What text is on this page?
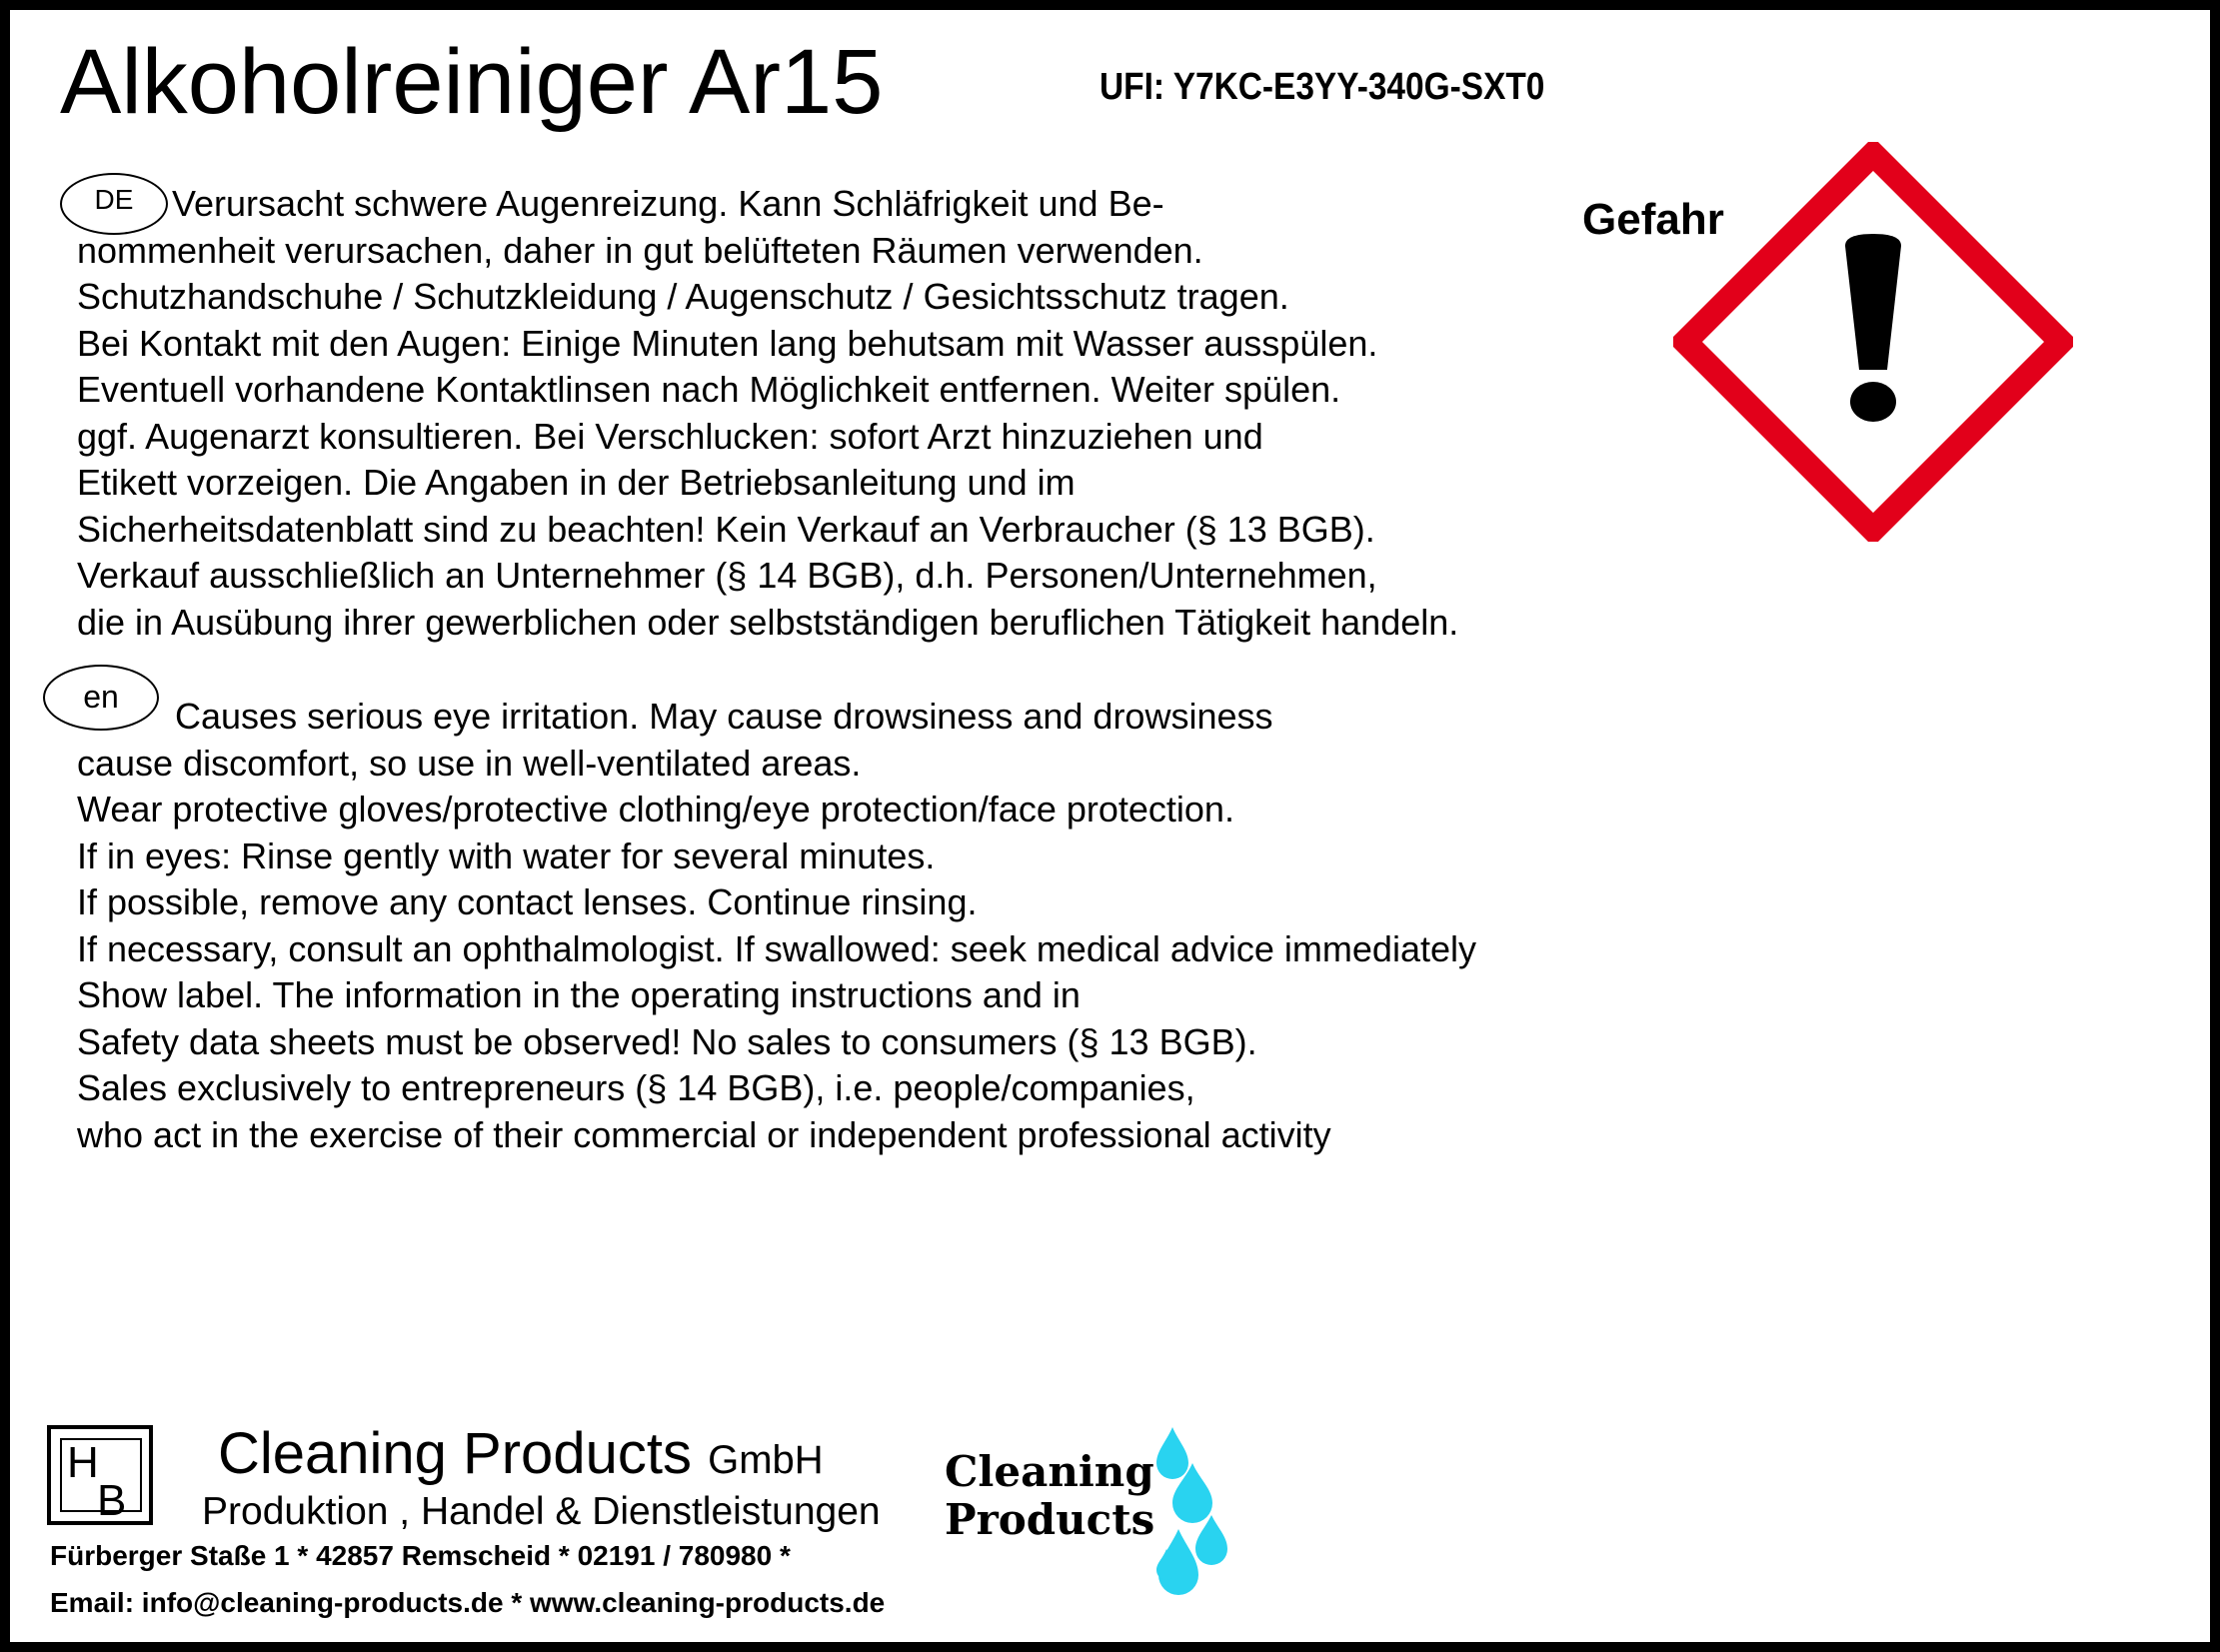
Alkoholreiniger Ar15	UFI: Y7KC-E3YY-340G-SXT0
DE	Verursacht schwere Augenreizung. Kann Schläfrigkeit und Be-
nommenheit verursachen, daher in gut belüfteten Räumen verwenden.
Schutzhandschuhe / Schutzkleidung / Augenschutz / Gesichtsschutz tragen.
Bei Kontakt mit den Augen: Einige Minuten lang behutsam mit Wasser ausspülen.
Eventuell vorhandene Kontaktlinsen nach Möglichkeit entfernen. Weiter spülen.
ggf. Augenarzt konsultieren. Bei Verschlucken: sofort Arzt hinzuziehen und
Etikett vorzeigen. Die Angaben in der Betriebsanleitung und im
Sicherheitsdatenblatt sind zu beachten! Kein Verkauf an Verbraucher (§ 13 BGB).
Verkauf ausschließlich an Unternehmer (§ 14 BGB), d.h. Personen/Unternehmen,
die in Ausübung ihrer gewerblichen oder selbstständigen beruflichen Tätigkeit handeln.
en	Causes serious eye irritation. May cause drowsiness and drowsiness
cause discomfort, so use in well-ventilated areas.
Wear protective gloves/protective clothing/eye protection/face protection.
If in eyes: Rinse gently with water for several minutes.
If possible, remove any contact lenses. Continue rinsing.
If necessary, consult an ophthalmologist. If swallowed: seek medical advice immediately
Show label. The information in the operating instructions and in
Safety data sheets must be observed! No sales to consumers (§ 13 BGB).
Sales exclusively to entrepreneurs (§ 14 BGB), i.e. people/companies,
who act in the exercise of their commercial or independent professional activity
Gefahr
H
B
Cleaning Products GmbH
Produktion , Handel & Dienstleistungen
Fürberger Staße 1 * 42857 Remscheid * 02191 / 780980 *
Email: info@cleaning-products.de * www.cleaning-products.de
Cleaning
Products
